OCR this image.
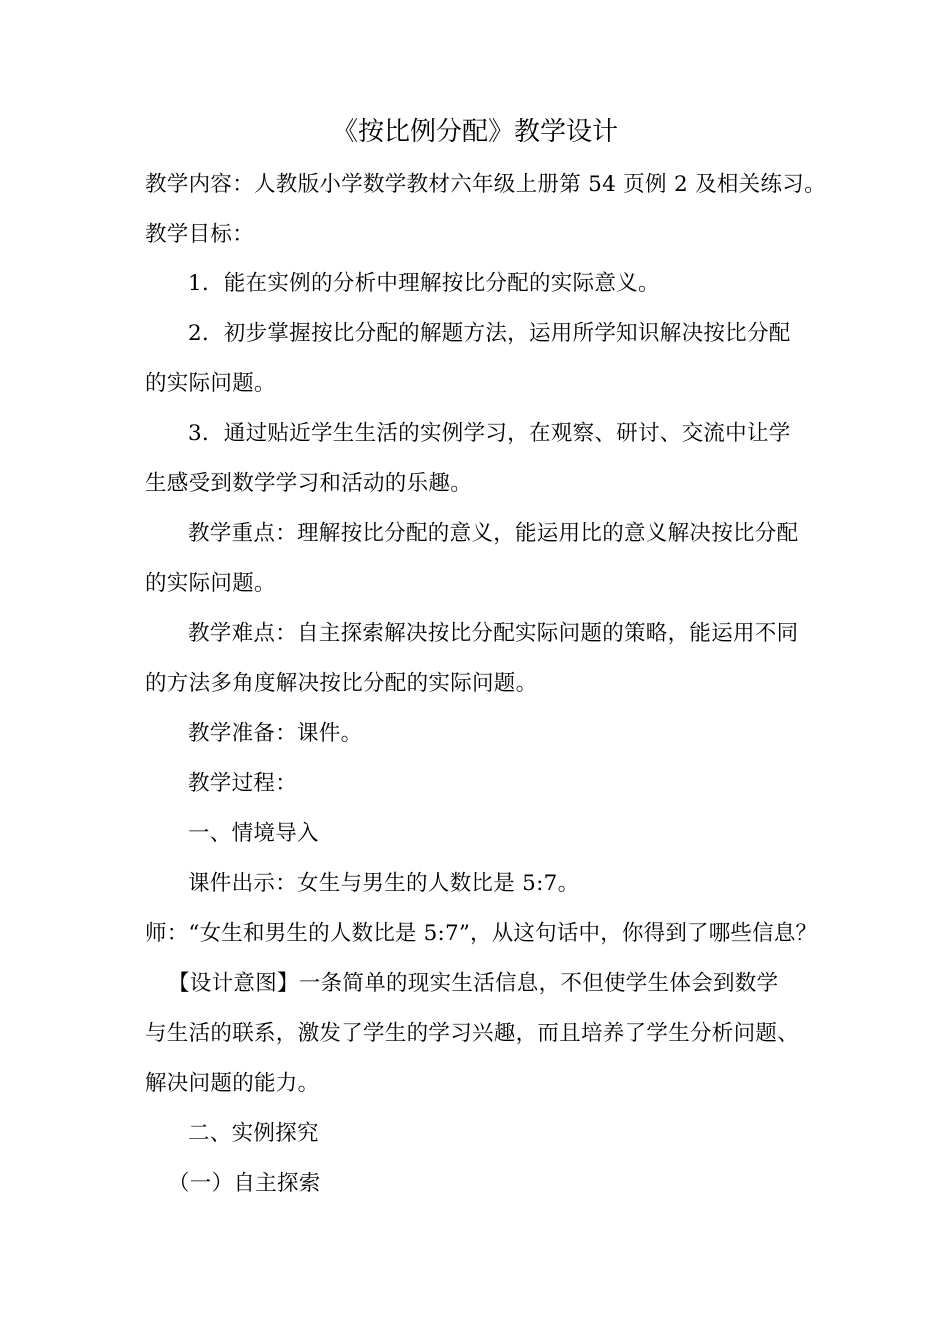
《按比例分配》教学设计
教学内容：人教版小学数学教材六年级上册第 54 页例 2 及相关练习。
教学目标：
1．能在实例的分析中理解按比分配的实际意义。
2．初步掌握按比分配的解题方法，运用所学知识解决按比分配
的实际问题。
3．通过贴近学生生活的实例学习，在观察、研讨、交流中让学
生感受到数学学习和活动的乐趣。
教学重点：理解按比分配的意义，能运用比的意义解决按比分配
的实际问题。
教学难点：自主探索解决按比分配实际问题的策略，能运用不同
的方法多角度解决按比分配的实际问题。
教学准备：课件。
教学过程：
一、情境导入
课件出示：女生与男生的人数比是 5:7。
师：“女生和男生的人数比是 5:7”，从这句话中，你得到了哪些信息？
【设计意图】一条简单的现实生活信息，不但使学生体会到数学
与生活的联系，激发了学生的学习兴趣，而且培养了学生分析问题、
解决问题的能力。
二、实例探究
（一）自主探索
